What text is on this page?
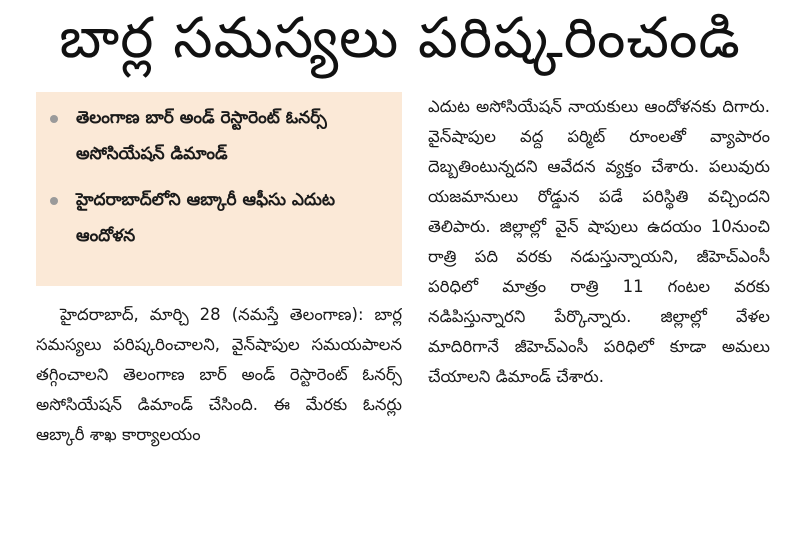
బార్ల సమస్యలు పరిష్కరించండి
తెలంగాణ బార్ అండ్ రెస్టారెంట్ ఓనర్స్ అసోసియేషన్ డిమాండ్
హైదరాబాద్‌లోని ఆబ్కారీ ఆఫీసు ఎదుట ఆందోళన
హైదరాబాద్, మార్చి 28 (నమస్తే తెలంగాణ): బార్ల సమస్యలు పరిష్కరించాలని, వైన్‌షాపుల సమయపాలన తగ్గించాలని తెలంగాణ బార్ అండ్ రెస్టారెంట్ ఓనర్స్ అసోసియేషన్ డిమాండ్ చేసింది. ఈ మేరకు ఓనర్లు ఆబ్కారీ శాఖ కార్యాలయం
ఎదుట అసోసియేషన్ నాయకులు ఆందోళనకు దిగారు. వైన్‌షాపుల వద్ద పర్మిట్ రూంలతో వ్యాపారం దెబ్బతింటున్నదని ఆవేదన వ్యక్తం చేశారు. పలువురు యజమానులు రోడ్డున పడే పరిస్థితి వచ్చిందని తెలిపారు. జిల్లాల్లో వైన్ షాపులు ఉదయం 10నుంచి రాత్రి పది వరకు నడుస్తున్నాయని, జీహెచ్‌ఎంసీ పరిధిలో మాత్రం రాత్రి 11 గంటల వరకు నడిపిస్తున్నారని పేర్కొన్నారు. జిల్లాల్లో వేళల మాదిరిగానే జీహెచ్‌ఎంసీ పరిధిలో కూడా అమలు చేయాలని డిమాండ్ చేశారు.
